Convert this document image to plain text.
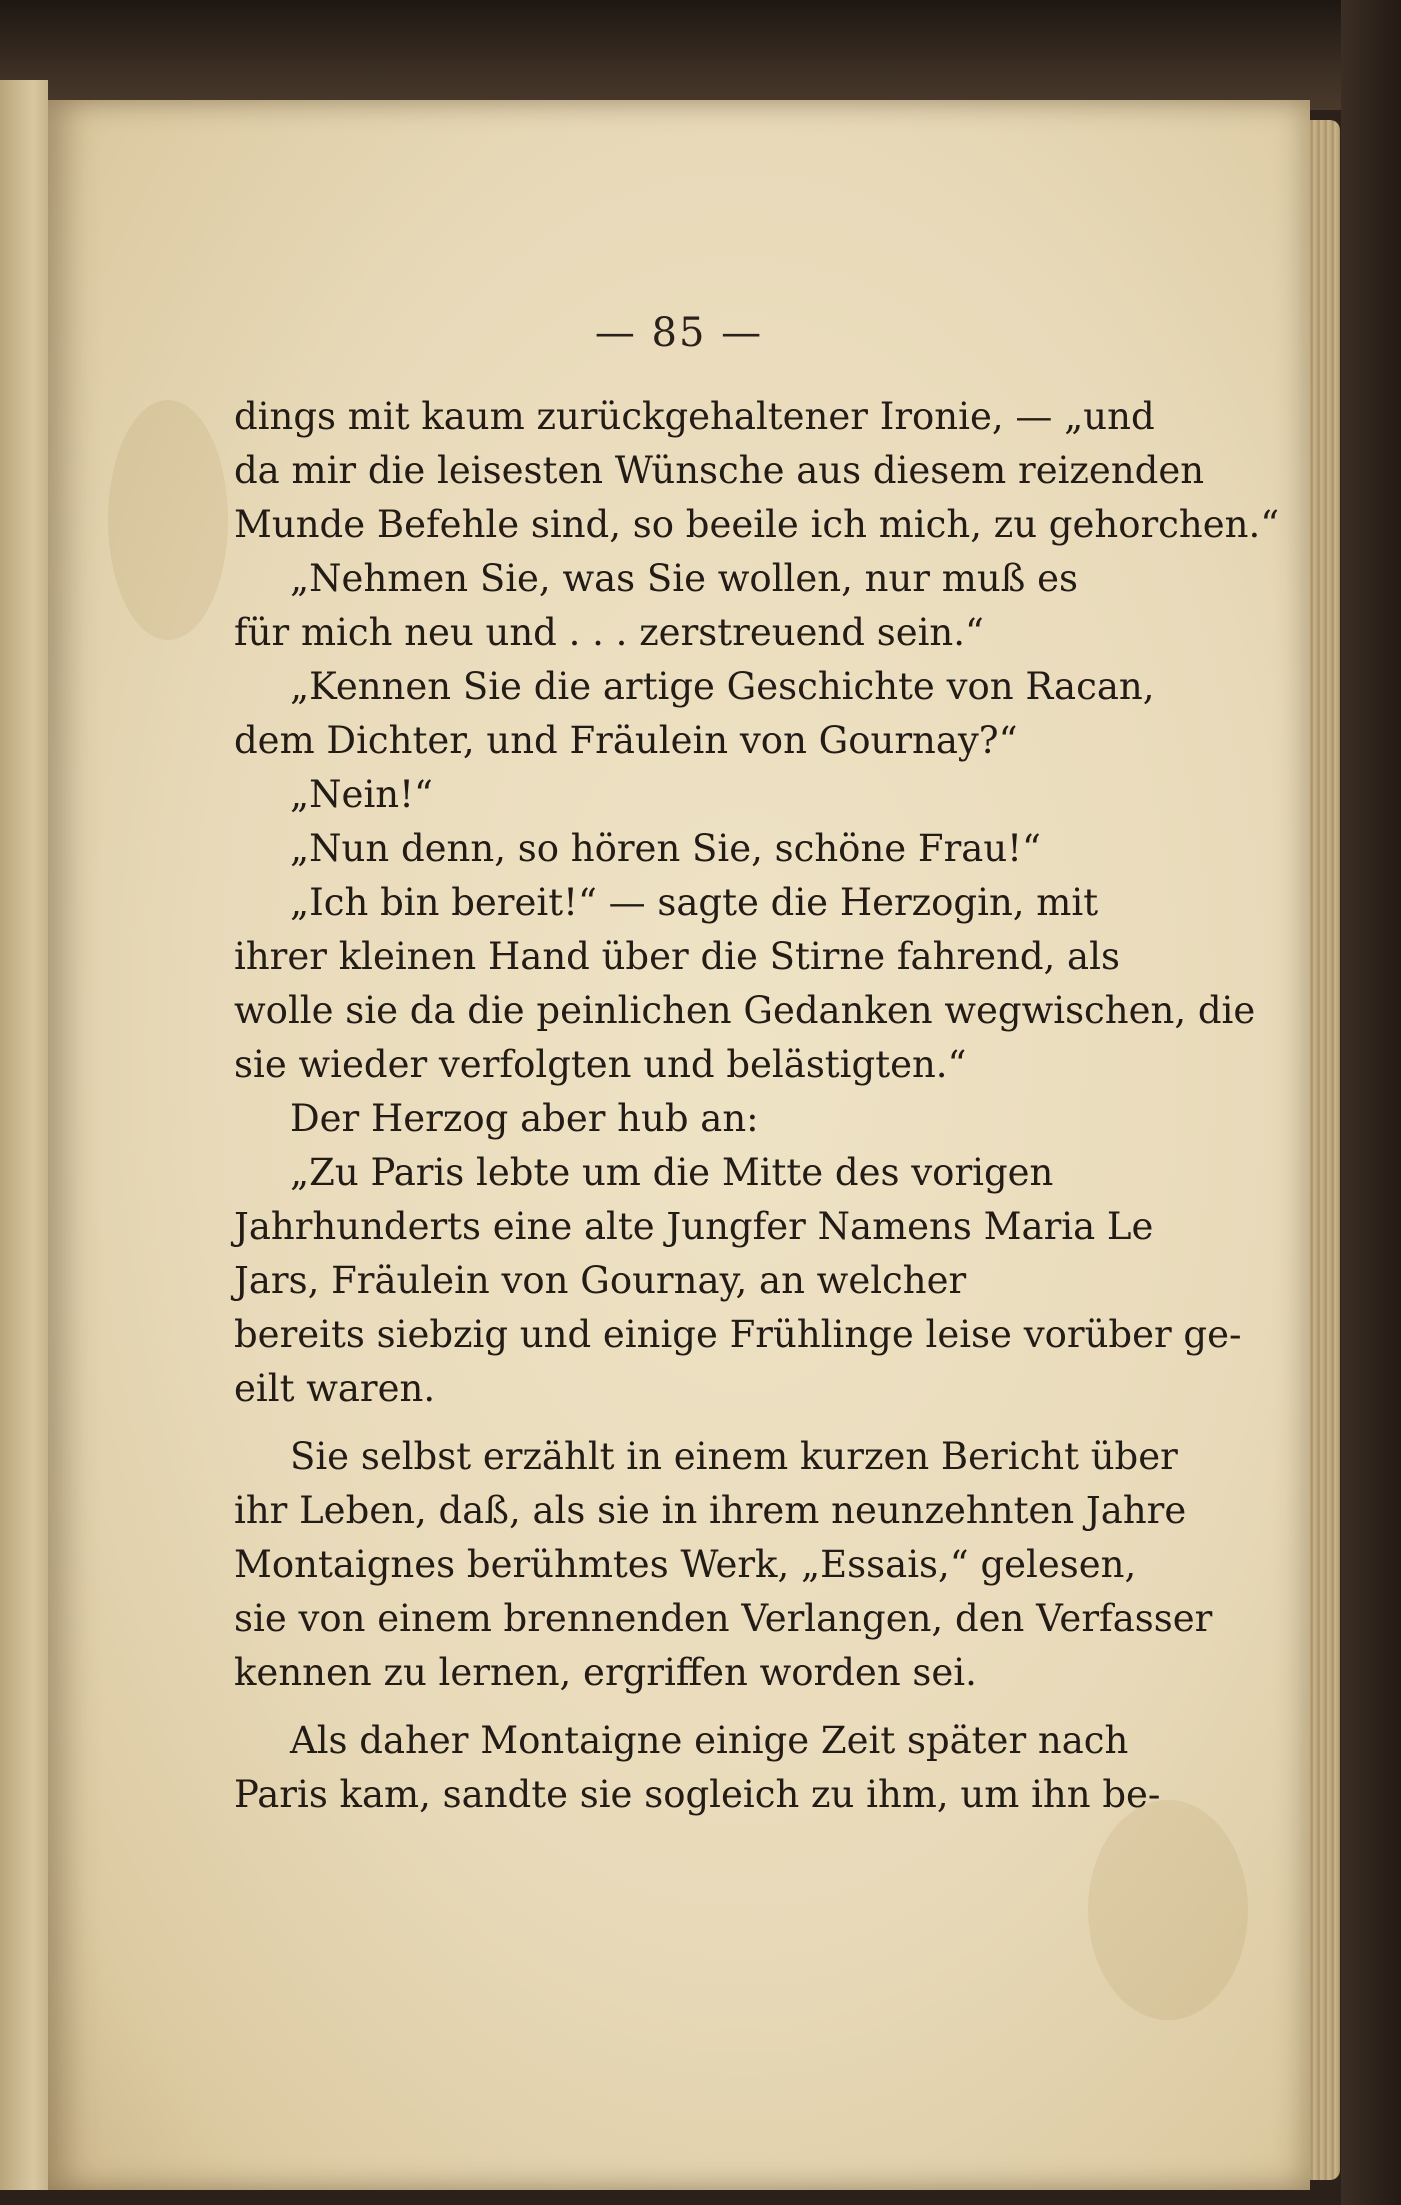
— 85 —
dings mit kaum zurückgehaltener Ironie, — „und
da mir die leisesten Wünsche aus diesem reizenden
Munde Befehle sind, so beeile ich mich, zu gehorchen.“
„Nehmen Sie, was Sie wollen, nur muß es
für mich neu und . . . zerstreuend sein.“
„Kennen Sie die artige Geschichte von Racan,
dem Dichter, und Fräulein von Gournay?“
„Nein!“
„Nun denn, so hören Sie, schöne Frau!“
„Ich bin bereit!“ — sagte die Herzogin, mit
ihrer kleinen Hand über die Stirne fahrend, als
wolle sie da die peinlichen Gedanken wegwischen, die
sie wieder verfolgten und belästigten.“
Der Herzog aber hub an:
„Zu Paris lebte um die Mitte des vorigen
Jahrhunderts eine alte Jungfer Namens Maria Le
Jars, Fräulein von Gournay, an welcher
bereits siebzig und einige Frühlinge leise vorüber ge-
eilt waren.
Sie selbst erzählt in einem kurzen Bericht über
ihr Leben, daß, als sie in ihrem neunzehnten Jahre
Montaignes berühmtes Werk, „Essais,“ gelesen,
sie von einem brennenden Verlangen, den Verfasser
kennen zu lernen, ergriffen worden sei.
Als daher Montaigne einige Zeit später nach
Paris kam, sandte sie sogleich zu ihm, um ihn be-
